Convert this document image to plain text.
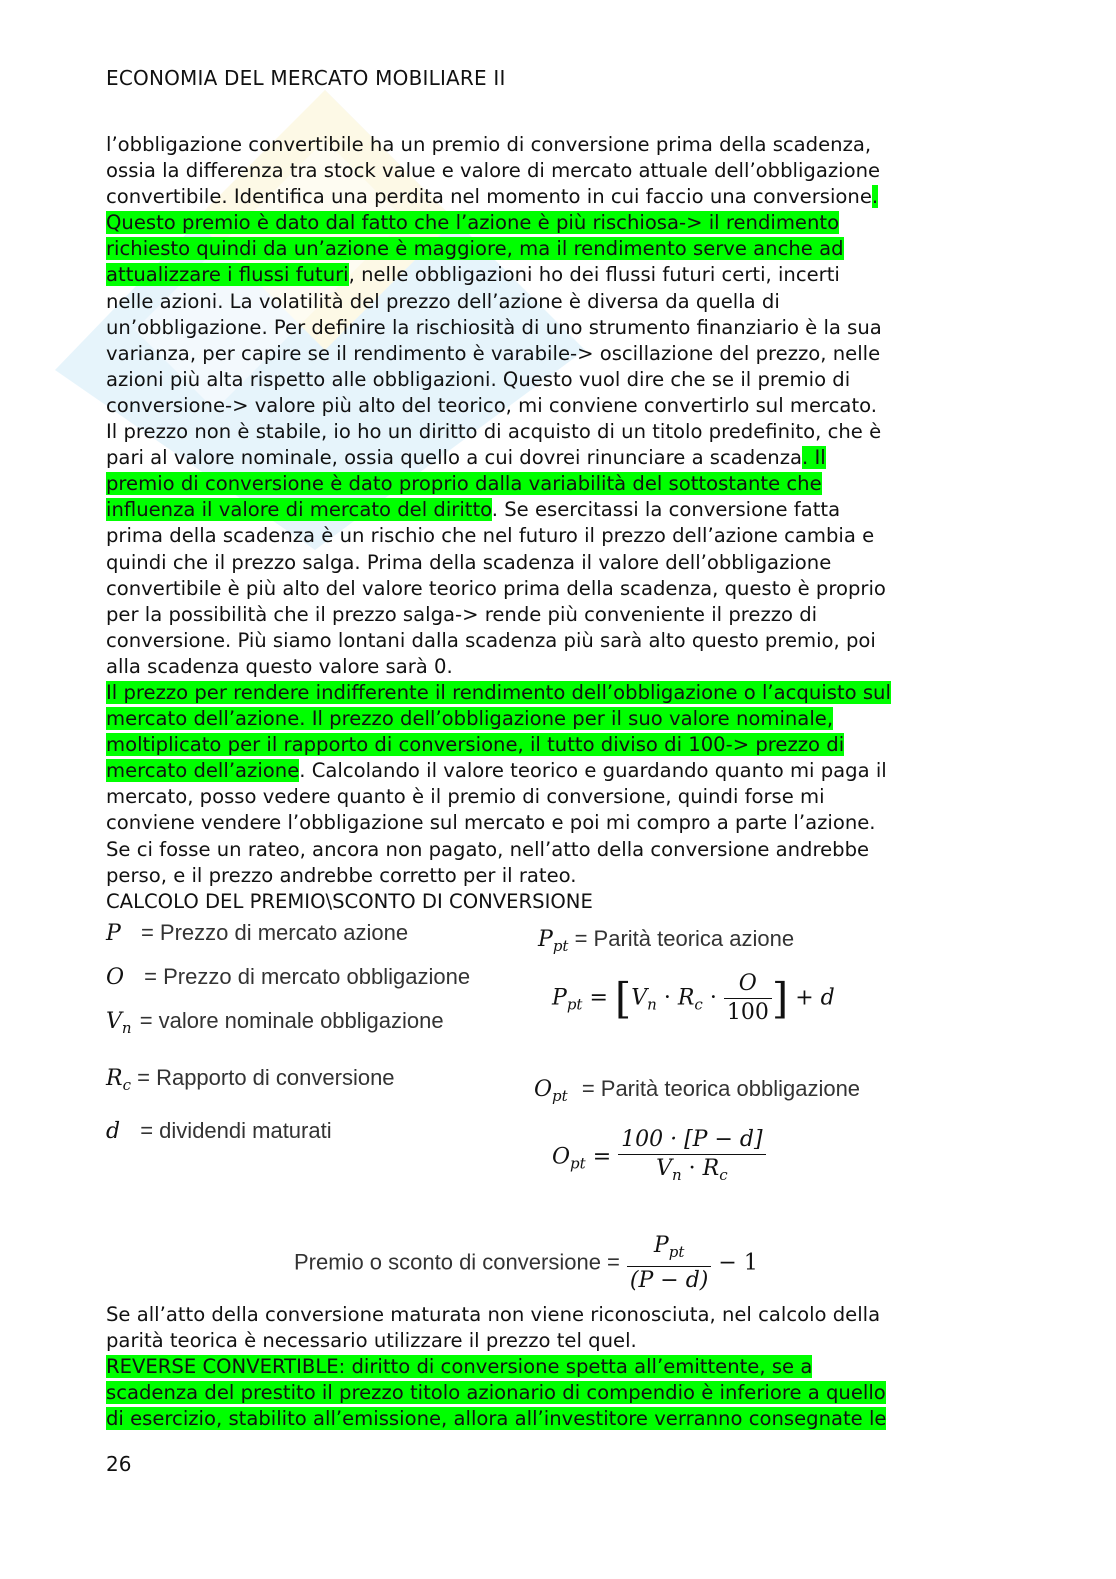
ECONOMIA DEL MERCATO MOBILIARE II
l’obbligazione convertibile ha un premio di conversione prima della scadenza,
ossia la differenza tra stock value e valore di mercato attuale dell’obbligazione
convertibile. Identifica una perdita nel momento in cui faccio una conversione.
Questo premio è dato dal fatto che l’azione è più rischiosa-> il rendimento
richiesto quindi da un’azione è maggiore, ma il rendimento serve anche ad
attualizzare i flussi futuri, nelle obbligazioni ho dei flussi futuri certi, incerti
nelle azioni. La volatilità del prezzo dell’azione è diversa da quella di
un’obbligazione. Per definire la rischiosità di uno strumento finanziario è la sua
varianza, per capire se il rendimento è varabile-> oscillazione del prezzo, nelle
azioni più alta rispetto alle obbligazioni. Questo vuol dire che se il premio di
conversione-> valore più alto del teorico, mi conviene convertirlo sul mercato.
Il prezzo non è stabile, io ho un diritto di acquisto di un titolo predefinito, che è
pari al valore nominale, ossia quello a cui dovrei rinunciare a scadenza. Il
premio di conversione è dato proprio dalla variabilità del sottostante che
influenza il valore di mercato del diritto. Se esercitassi la conversione fatta
prima della scadenza è un rischio che nel futuro il prezzo dell’azione cambia e
quindi che il prezzo salga. Prima della scadenza il valore dell’obbligazione
convertibile è più alto del valore teorico prima della scadenza, questo è proprio
per la possibilità che il prezzo salga-> rende più conveniente il prezzo di
conversione. Più siamo lontani dalla scadenza più sarà alto questo premio, poi
alla scadenza questo valore sarà 0.
Il prezzo per rendere indifferente il rendimento dell’obbligazione o l’acquisto sul
mercato dell’azione. Il prezzo dell’obbligazione per il suo valore nominale,
moltiplicato per il rapporto di conversione, il tutto diviso di 100-> prezzo di
mercato dell’azione. Calcolando il valore teorico e guardando quanto mi paga il
mercato, posso vedere quanto è il premio di conversione, quindi forse mi
conviene vendere l’obbligazione sul mercato e poi mi compro a parte l’azione.
Se ci fosse un rateo, ancora non pagato, nell’atto della conversione andrebbe
perso, e il prezzo andrebbe corretto per il rateo.
CALCOLO DEL PREMIO\SCONTO DI CONVERSIONE
P = Prezzo di mercato azione
O = Prezzo di mercato obbligazione
$V_n$ = valore nominale obbligazione
$R_c$ = Rapporto di conversione
d = dividendi maturati
$P_{pt}$ = Parità teorica azione
$P_{pt} = [V_n \cdot R_c \cdot \frac{O}{100}$ ] + d
$O_{pt}$ = Parità teorica obbligazione
$O_{pt} = \frac{100 \cdot [P - d]}{V_n \cdot R_c}$
Premio o sconto di conversione = $\frac{P_{pt}}{(P - d)} - 1$
Se all’atto della conversione maturata non viene riconosciuta, nel calcolo della
parità teorica è necessario utilizzare il prezzo tel quel.
REVERSE CONVERTIBLE: diritto di conversione spetta all’emittente, se a
scadenza del prestito il prezzo titolo azionario di compendio è inferiore a quello
di esercizio, stabilito all’emissione, allora all’investitore verranno consegnate le
26
